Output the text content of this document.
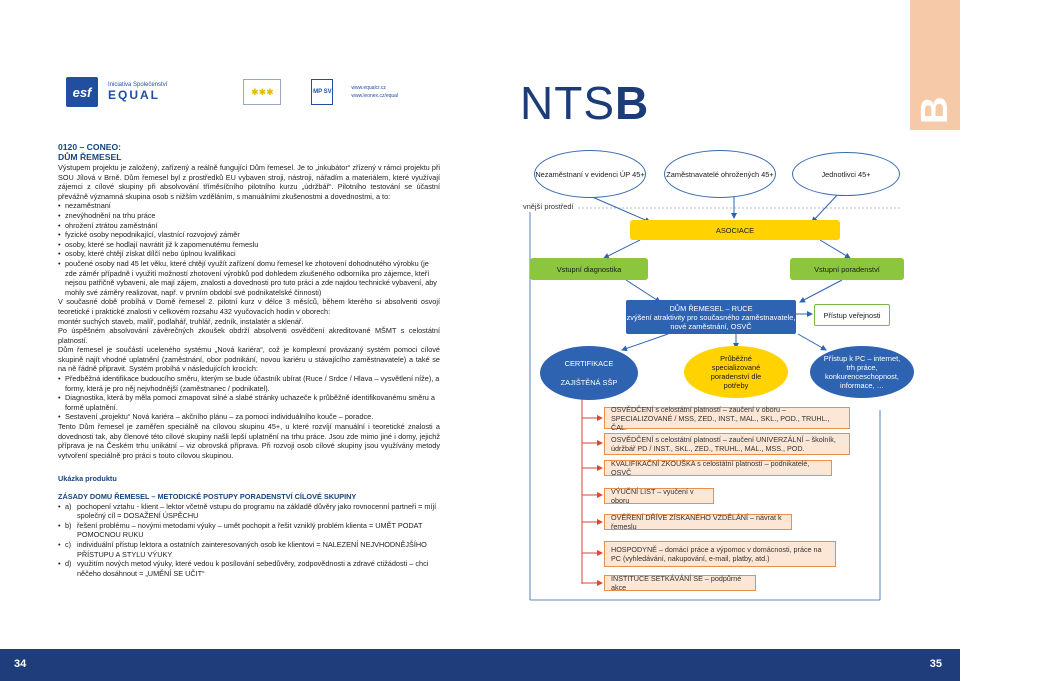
esf	Iniciativa Společenství
EQUAL	✱✱✱	MP SV
www.equalcr.cz
www.leonex.cz/equal
0120 – CONEO:
DŮM ŘEMESEL

Výstupem projektu je založený, zařízený a reálně fungující Dům řemesel. Je to „inkubátor“ zřízený v rámci projektu při SOU Jílová v Brně. Dům řemesel byl z prostředků EU vybaven stroji, nástroji, nářadím a materiálem, které využívají zájemci z cílové skupiny při absolvování tříměsíčního pilotního kurzu „údržbář“. Pilotního testování se účastní převážně významná skupina osob s nižším vzděláním, s manuálními zkušenostmi a dovednostmi, a to:

• nezaměstnaní
• znevýhodnění na trhu práce
• ohrožení ztrátou zaměstnání
• fyzické osoby nepodnikající, vlastnící rozvojový záměr
• osoby, které se hodlají navrátit již k zapomenutému řemeslu
• osoby, které chtějí získat dílčí nebo úplnou kvalifikaci
• poučené osoby nad 45 let věku, které chtějí využít zařízení domu řemesel ke zhotovení dohodnutého výrobku (je zde záměr případně i využití možností zhotovení výrobků pod dohledem zkušeného odborníka pro zájemce, kteří nejsou patřičně vybaveni, ale mají zájem, znalosti a dovednosti pro tuto práci a zde najdou technické vybavení, aby mohly své záměry realizovat, např. v prvním období své podnikatelské činnosti)

V současné době probíhá v Domě řemesel 2. pilotní kurz v délce 3 měsíců, během kterého si absolventi osvojí teoretické i praktické znalosti v celkovém rozsahu 432 vyučovacích hodin v oborech:

montér suchých staveb, malíř, podlahář, truhlář, zedník, instalatér a sklenář.

Po úspěšném absolvování závěrečných zkoušek obdrží absolventi osvědčení akreditované MŠMT s celostátní platností.

Dům řemesel je součástí uceleného systému „Nová kariéra“, což je komplexní provázaný systém pomoci cílové skupině najít vhodné uplatnění (zaměstnání, obor podnikání, novou kariéru u stávajícího zaměstnavatele) a také se na ně řádně připravit. Systém probíhá v následujících krocích:

• Předběžná identifikace budoucího směru, kterým se bude účastník ubírat (Ruce / Srdce / Hlava – vysvětlení níže), a formy, která je pro něj nejvhodnější (zaměstnanec / podnikatel).
• Diagnostika, která by měla pomoci zmapovat silné a slabé stránky uchazeče k průběžně identifikovanému směru a formě uplatnění.
• Sestavení „projektu“ Nová kariéra – akčního plánu – za pomoci individuálního kouče – poradce.

Tento Dům řemesel je zaměřen speciálně na cílovou skupinu 45+, u které rozvíjí manuální i teoretické znalosti a dovednosti tak, aby členové této cílové skupiny našli lepší uplatnění na trhu práce. Jsou zde mimo jiné i domy, jejichž přípravа je na Českém trhu unikátní – viz obrovská příprava. Při rozvoji osob cílové skupiny jsou využívány metody vytvoření speciálně pro práci s touto cílovou skupinou.

Ukázka produktu
ZÁSADY DOMU ŘEMESEL – METODICKÉ POSTUPY PORADENSTVÍ CÍLOVÉ SKUPINY
• a) pochopení vztahu - klient – lektor včetně vstupu do programu na základě důvěry jako rovnocenní partneři = míjí společný cíl = DOSAŽENÍ ÚSPĚCHU
• b) řešení problému – novými metodami výuky – umět pochopit a řešit vzniklý problém klienta = UMĚT PODAT POMOCNOU RUKU
• c) individuální přístup lektora a ostatních zainteresovaných osob ke klientovi = NALEZENÍ NEJVHODNĚJŠÍHO PŘÍSTUPU A STYLU VÝUKY
• d) využitím nových metod výuky, které vedou k posílování sebedůvěry, zodpovědnosti a zdravé ctižádosti – chci něčeho dosáhnout = „UMĚNÍ SE UČIT“
34
NTSB	NTS
B
vnější prostředí
Nezaměstnaní v evidenci ÚP 45+	Zaměstnavatelé ohrožených 45+	Jednotlivci 45+
ASOCIACE
Vstupní diagnostika	Vstupní poradenství
DŮM ŘEMESEL – RUCE
zvýšení atraktivity pro současného zaměstnavatele, nové zaměstnání, OSVČ
Přístup veřejnosti
CERTIFIKACE
ZAJIŠTĚNÁ SŠP
Průběžné specializované poradenství dle potřeby
Přístup k PC – internet, trh práce, konkurenceschopnost, informace, …
OSVĚDČENÍ s celostátní platností – zaučení v oboru – SPECIALIZOVANÉ / MSS, ZED., INST., MAL., SKL., POD., TRUHL., ČAL.
OSVĚDČENÍ s celostátní platností – zaučení UNIVERZÁLNÍ – školník, údržbář PD / INST., SKL., ZED., TRUHL., MAL., MSS., POD.
KVALIFIKAČNÍ ZKOUŠKA s celostátní platností – podnikatelé, OSVČ
VÝUČNÍ LIST – vyučení v oboru
OVĚŘENÍ DŘÍVE ZÍSKANÉHO VZDĚLÁNÍ – návrat k řemeslu
HOSPODYNĚ – domácí práce a výpomoc v domácnosti, práce na PC (vyhledávání, nakupování, e-mail, platby, atd.)
INSTITUCE SETKÁVÁNÍ SE – podpůrné akce
35
